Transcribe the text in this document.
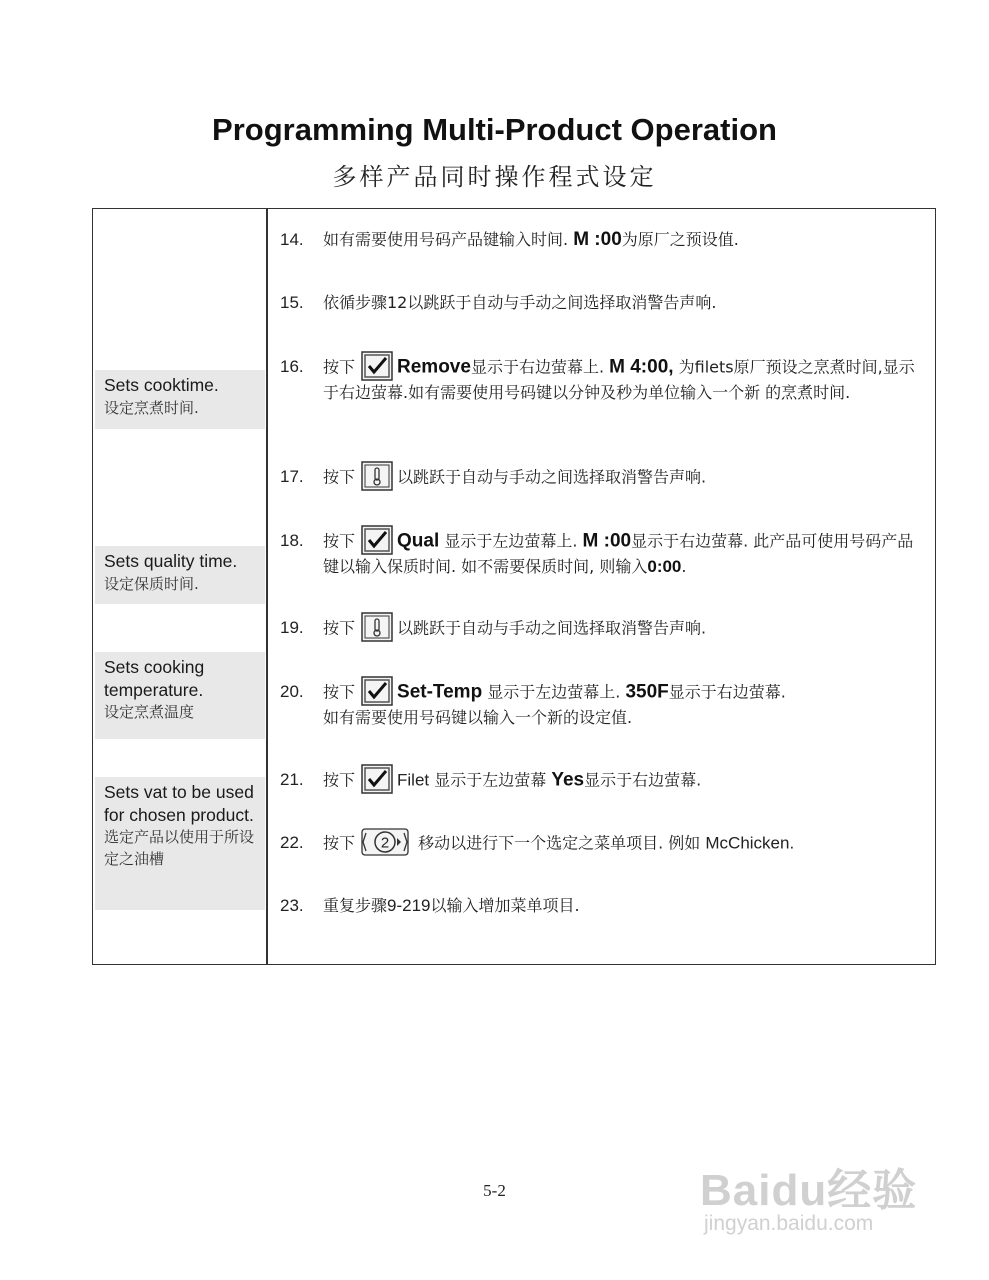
Programming Multi-Product Operation
多样产品同时操作程式设定
Sets cooktime.
设定烹煮时间.
Sets quality time.
设定保质时间.
Sets cooking temperature.
设定烹煮温度
Sets vat to be used for chosen product.
选定产品以使用于所设定之油槽
14. 如有需要使用号码产品键输入时间. M :00为原厂之预设值.
15. 依循步骤12以跳跃于自动与手动之间选择取消警告声响.
16. 按下 Remove显示于右边萤幕上. M 4:00, 为filets原厂预设之烹煮时间,显示于右边萤幕.如有需要使用号码键以分钟及秒为单位输入一个新 的烹煮时间.
17. 按下	以跳跃于自动与手动之间选择取消警告声响.
18. 按下 Qual 显示于左边萤幕上. M :00显示于右边萤幕. 此产品可使用号码产品键以输入保质时间. 如不需要保质时间, 则输入0:00.
19. 按下	以跳跃于自动与手动之间选择取消警告声响.
20. 按下 Set-Temp 显示于左边萤幕上. 350F显示于右边萤幕.
如有需要使用号码键以输入一个新的设定值.
21. 按下 Filet 显示于左边萤幕 Yes显示于右边萤幕.
22. 按下 2 移动以进行下一个选定之菜单项目. 例如 McChicken.
23. 重复步骤9-219以输入增加菜单项目.
5-2	Baidu经验
jingyan.baidu.com
